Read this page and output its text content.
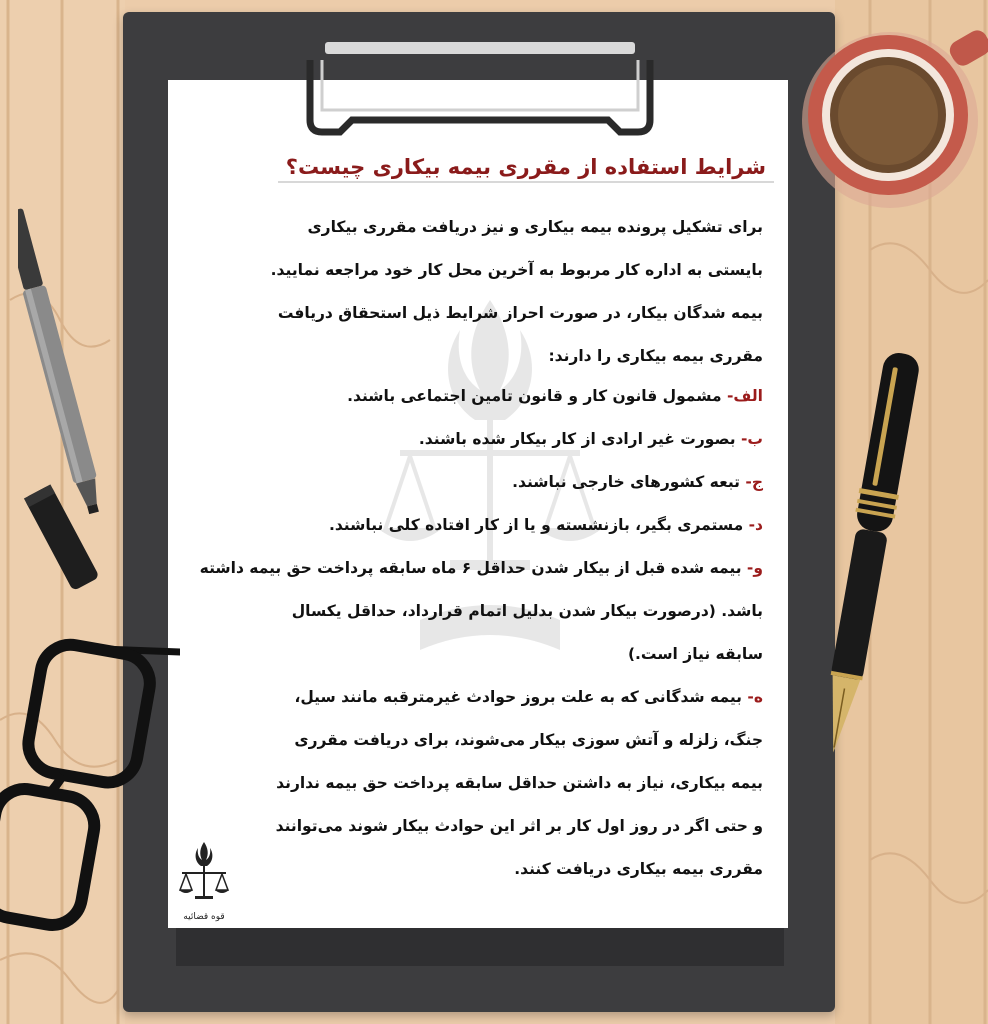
شرایط استفاده از مقرری بیمه بیکاری چیست؟
برای تشکیل پرونده بیمه بیکاری و نیز دریافت مقرری بیکاری
بایستی به اداره کار مربوط به آخرین محل کار خود مراجعه نمایید.
بیمه شدگان بیکار، در صورت احراز شرایط ذیل استحقاق دریافت
مقرری بیمه بیکاری را دارند:
الف- مشمول قانون کار و قانون تامین اجتماعی باشند.
ب- بصورت غیر ارادی از کار بیکار شده باشند.
ج- تبعه کشورهای خارجی نباشند.
د- مستمری بگیر، بازنشسته و یا از کار افتاده کلی نباشند.
و- بیمه شده قبل از بیکار شدن حداقل ۶ ماه سابقه پرداخت حق بیمه داشته
باشد. (درصورت بیکار شدن بدلیل اتمام قرارداد، حداقل یکسال
سابقه نیاز است.)
ه- بیمه شدگانی که به علت بروز حوادث غیرمترقبه مانند سیل،
جنگ، زلزله و آتش سوزی بیکار می‌شوند، برای دریافت مقرری
بیمه بیکاری، نیاز به داشتن حداقل سابقه پرداخت حق بیمه ندارند
و حتی اگر در روز اول کار بر اثر این حوادث بیکار شوند می‌توانند
مقرری بیمه بیکاری دریافت کنند.
قوه قضائیه
